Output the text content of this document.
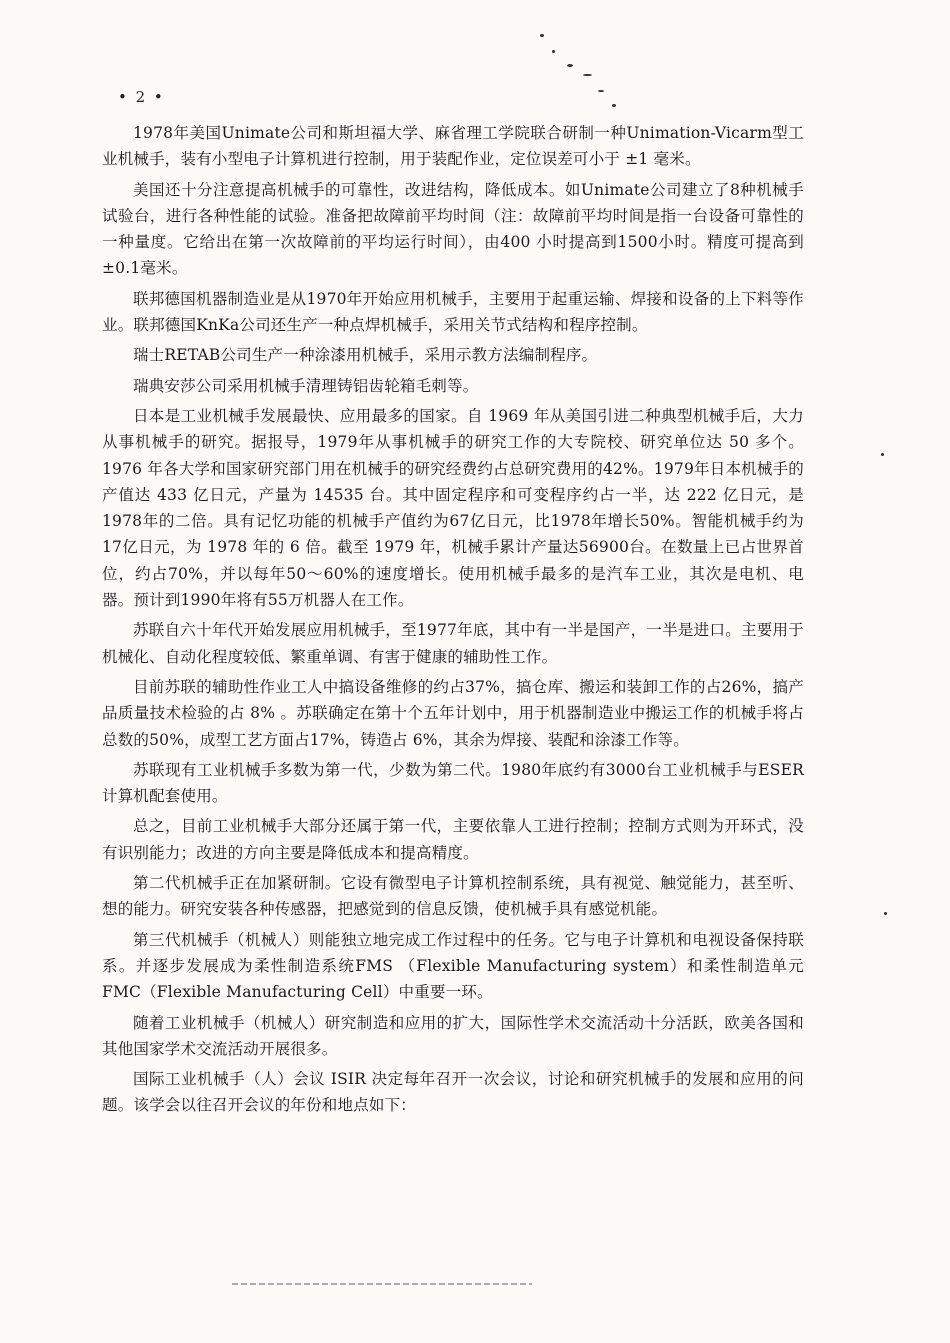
• 2 •

1978年美国Unimate公司和斯坦福大学、麻省理工学院联合研制一种Unimation-Vicarm型工业机械手，装有小型电子计算机进行控制，用于装配作业，定位误差可小于 ±1 毫米。

美国还十分注意提高机械手的可靠性，改进结构，降低成本。如Unimate公司建立了8种机械手试验台，进行各种性能的试验。准备把故障前平均时间（注：故障前平均时间是指一台设备可靠性的一种量度。它给出在第一次故障前的平均运行时间），由400 小时提高到1500小时。精度可提高到±0.1毫米。

联邦德国机器制造业是从1970年开始应用机械手，主要用于起重运输、焊接和设备的上下料等作业。联邦德国KnKa公司还生产一种点焊机械手，采用关节式结构和程序控制。

瑞士RETAB公司生产一种涂漆用机械手，采用示教方法编制程序。

瑞典安莎公司采用机械手清理铸铝齿轮箱毛刺等。

日本是工业机械手发展最快、应用最多的国家。自 1969 年从美国引进二种典型机械手后，大力从事机械手的研究。据报导，1979年从事机械手的研究工作的大专院校、研究单位达 50 多个。1976 年各大学和国家研究部门用在机械手的研究经费约占总研究费用的42%。1979年日本机械手的产值达 433 亿日元，产量为 14535 台。其中固定程序和可变程序约占一半，达 222 亿日元，是1978年的二倍。具有记忆功能的机械手产值约为67亿日元，比1978年增长50%。智能机械手约为17亿日元，为 1978 年的 6 倍。截至 1979 年，机械手累计产量达56900台。在数量上已占世界首位，约占70%，并以每年50～60%的速度增长。使用机械手最多的是汽车工业，其次是电机、电器。预计到1990年将有55万机器人在工作。

苏联自六十年代开始发展应用机械手，至1977年底，其中有一半是国产，一半是进口。主要用于机械化、自动化程度较低、繁重单调、有害于健康的辅助性工作。

目前苏联的辅助性作业工人中搞设备维修的约占37%，搞仓库、搬运和装卸工作的占26%，搞产品质量技术检验的占 8% 。苏联确定在第十个五年计划中，用于机器制造业中搬运工作的机械手将占总数的50%，成型工艺方面占17%，铸造占 6%，其余为焊接、装配和涂漆工作等。

苏联现有工业机械手多数为第一代，少数为第二代。1980年底约有3000台工业机械手与ESER计算机配套使用。

总之，目前工业机械手大部分还属于第一代，主要依靠人工进行控制；控制方式则为开环式，没有识别能力；改进的方向主要是降低成本和提高精度。

第二代机械手正在加紧研制。它设有微型电子计算机控制系统，具有视觉、触觉能力，甚至听、想的能力。研究安装各种传感器，把感觉到的信息反馈，使机械手具有感觉机能。

第三代机械手（机械人）则能独立地完成工作过程中的任务。它与电子计算机和电视设备保持联系。并逐步发展成为柔性制造系统FMS （Flexible Manufacturing system）和柔性制造单元FMC（Flexible Manufacturing Cell）中重要一环。

随着工业机械手（机械人）研究制造和应用的扩大，国际性学术交流活动十分活跃，欧美各国和其他国家学术交流活动开展很多。

国际工业机械手（人）会议 ISIR 决定每年召开一次会议，讨论和研究机械手的发展和应用的问题。该学会以往召开会议的年份和地点如下：
